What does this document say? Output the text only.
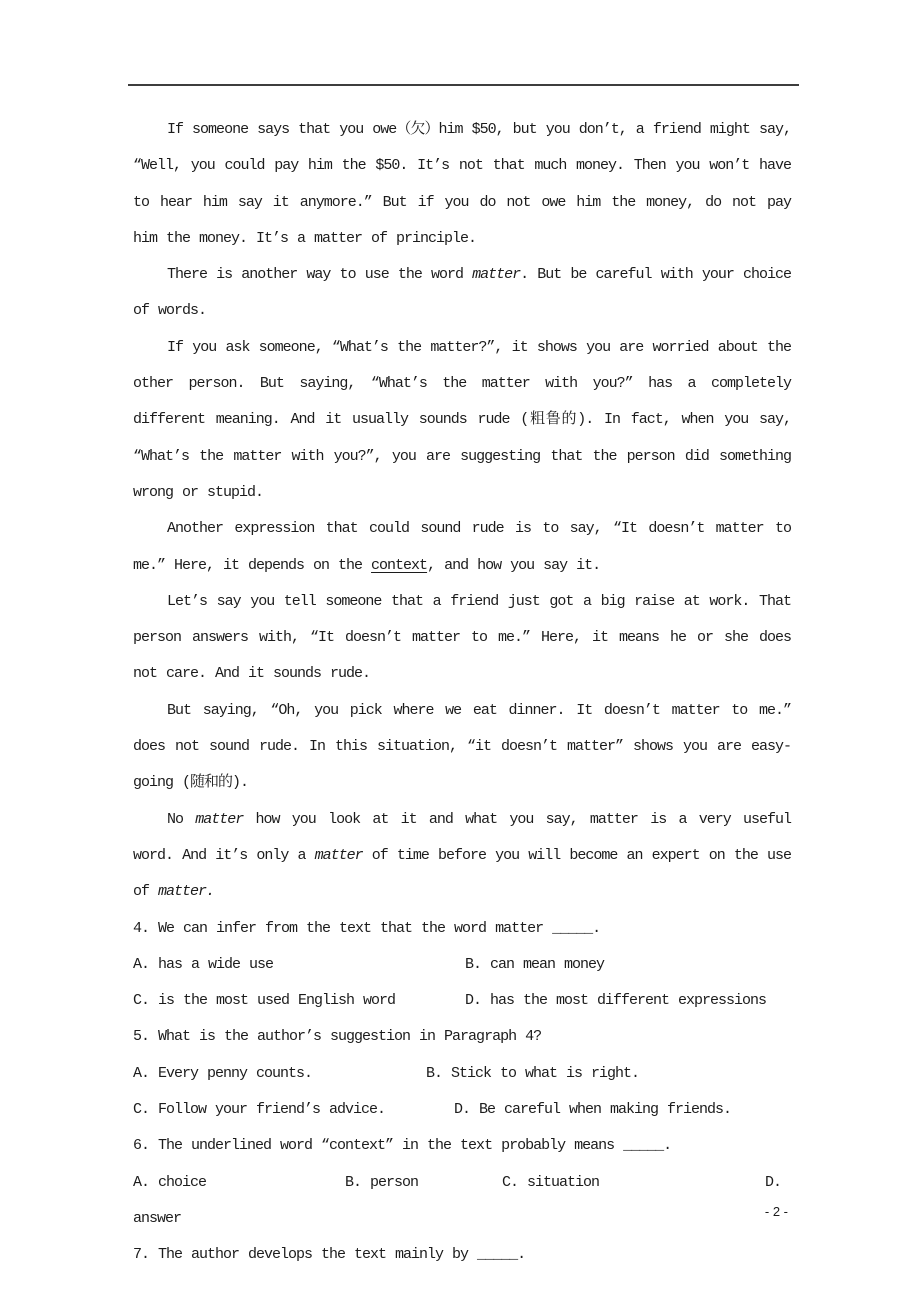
If someone says that you owe（欠）him $50, but you don’t, a friend might say, “Well, you could pay him the $50. It’s not that much money. Then you won’t have to hear him say it anymore.” But if you do not owe him the money, do not pay him the money. It’s a matter of principle.

There is another way to use the word matter. But be careful with your choice of words.

If you ask someone, “What’s the matter?”, it shows you are worried about the other person. But saying, “What’s the matter with you?” has a completely different meaning. And it usually sounds rude (粗鲁的). In fact, when you say, “What’s the matter with you?”, you are suggesting that the person did something wrong or stupid.

Another expression that could sound rude is to say, “It doesn’t matter to me.” Here, it depends on the context, and how you say it.

Let’s say you tell someone that a friend just got a big raise at work. That person answers with, “It doesn’t matter to me.” Here, it means he or she does not care. And it sounds rude.

But saying, “Oh, you pick where we eat dinner. It doesn’t matter to me.” does not sound rude. In this situation, “it doesn’t matter” shows you are easy-going (随和的).

No matter how you look at it and what you say, matter is a very useful word. And it’s only a matter of time before you will become an expert on the use of matter.

4. We can infer from the text that the word matter _____.

A. has a wide use	B. can mean money
C. is the most used English word	D. has the most different expressions

5. What is the author’s suggestion in Paragraph 4?

A. Every penny counts.	B. Stick to what is right.
C. Follow your friend’s advice.	D. Be careful when making friends.

6. The underlined word “context” in the text probably means _____.

A. choice	B. person	C. situation	D.

answer

7. The author develops the text mainly by _____.

- 2 -
